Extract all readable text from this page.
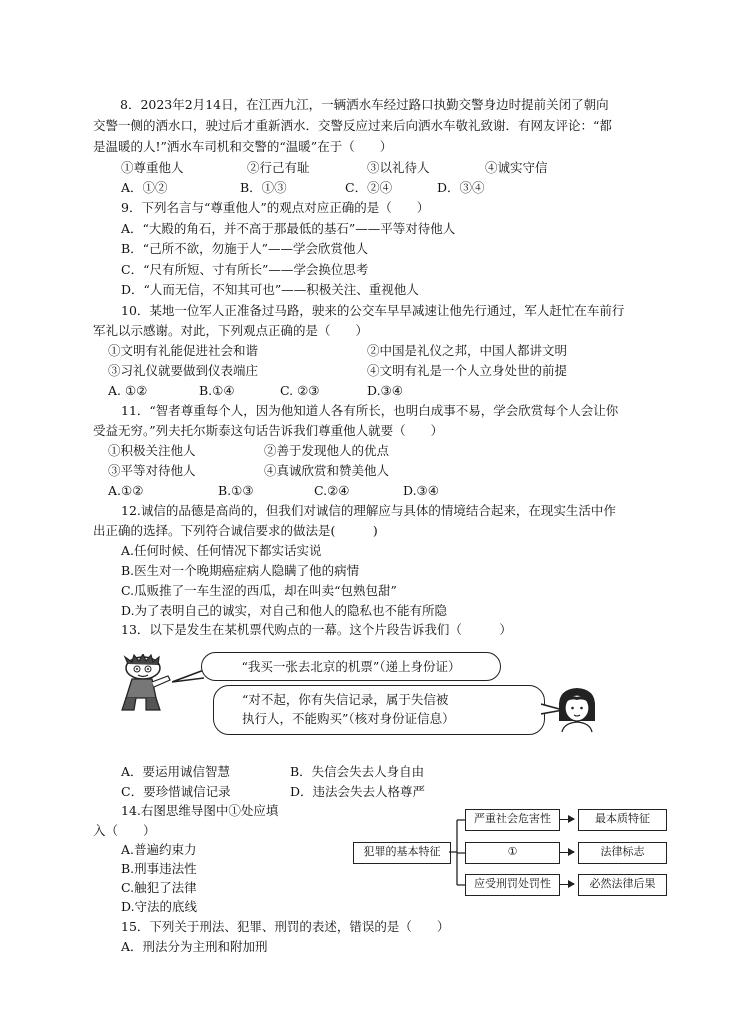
8．2023年2月14日，在江西九江，一辆洒水车经过路口执勤交警身边时提前关闭了朝向
交警一侧的洒水口，驶过后才重新洒水．交警反应过来后向洒水车敬礼致谢．有网友评论：“都
是温暖的人!”洒水车司机和交警的“温暖”在于（　　）
①尊重他人	②行己有耻	③以礼待人	④诚实守信
A．①②	B．①③	C．②④	D．③④
9．下列名言与“尊重他人”的观点对应正确的是（　　）
A．“大殿的角石，并不高于那最低的基石”——平等对待他人
B．“己所不欲，勿施于人”——学会欣赏他人
C．“尺有所短、寸有所长”——学会换位思考
D．“人而无信，不知其可也”——积极关注、重视他人
10．某地一位军人正准备过马路，驶来的公交车早早减速让他先行通过，军人赶忙在车前行
军礼以示感谢。对此，下列观点正确的是（　　）
①文明有礼能促进社会和谐	②中国是礼仪之邦，中国人都讲文明
③习礼仪就要做到仪表端庄	④文明有礼是一个人立身处世的前提
A. ①②	B.①④	C. ②③	D.③④
11．“智者尊重每个人，因为他知道人各有所长，也明白成事不易，学会欣赏每个人会让你
受益无穷。”列夫托尔斯泰这句话告诉我们尊重他人就要（　　）
①积极关注他人	②善于发现他人的优点
③平等对待他人	④真诚欣赏和赞美他人
A.①②	B.①③	C.②④	D.③④
12.诚信的品德是高尚的，但我们对诚信的理解应与具体的情境结合起来，在现实生活中作
出正确的选择。下列符合诚信要求的做法是(　　　)
A.任何时候、任何情况下都实话实说
B.医生对一个晚期癌症病人隐瞒了他的病情
C.瓜贩推了一车生涩的西瓜，却在叫卖“包熟包甜”
D.为了表明自己的诚实，对自己和他人的隐私也不能有所隐
13．以下是发生在某机票代购点的一幕。这个片段告诉我们（　　　）
“我买一张去北京的机票”（递上身份证）
“对不起，你有失信记录，属于失信被
执行人，不能购买”（核对身份证信息）
A．要运用诚信智慧	B．失信会失去人身自由
C．要珍惜诚信记录	D．违法会失去人格尊严
14.右图思维导图中①处应填
入（　　）
A.普遍约束力
B.刑事违法性
C.触犯了法律
D.守法的底线
犯罪的基本特征
严重社会危害性
①
应受刑罚处罚性
最本质特征
法律标志
必然法律后果
15．下列关于刑法、犯罪、刑罚的表述，错误的是（　　）
A．刑法分为主刑和附加刑
